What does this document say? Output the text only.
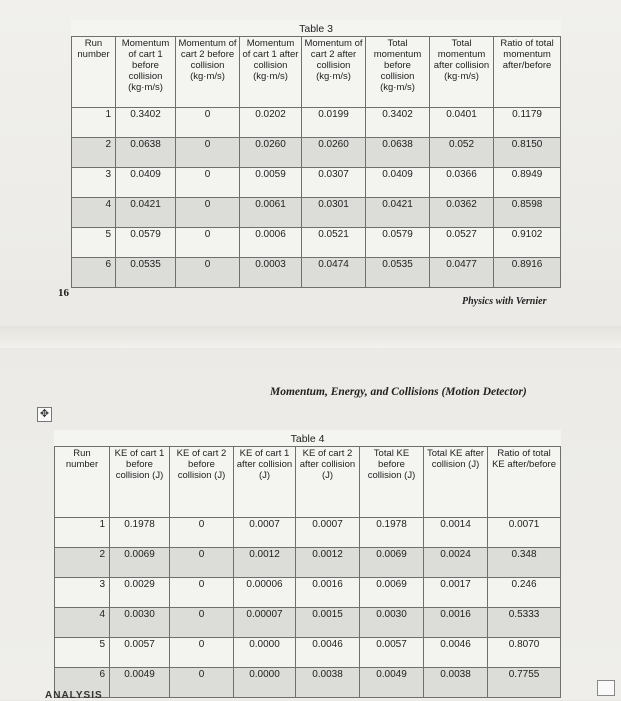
Table 3							
Run number	Momentum of cart 1 before collision (kg·m/s)	Momentum of cart 2 before collision (kg·m/s)	Momentum of cart 1 after collision (kg·m/s)	Momentum of cart 2 after collision (kg·m/s)	Total momentum before collision (kg·m/s)	Total momentum after collision (kg·m/s)	Ratio of total momentum after/before
1	0.3402	0	0.0202	0.0199	0.3402	0.0401	0.1179
2	0.0638	0	0.0260	0.0260	0.0638	0.052	0.8150
3	0.0409	0	0.0059	0.0307	0.0409	0.0366	0.8949
4	0.0421	0	0.0061	0.0301	0.0421	0.0362	0.8598
5	0.0579	0	0.0006	0.0521	0.0579	0.0527	0.9102
6	0.0535	0	0.0003	0.0474	0.0535	0.0477	0.8916
16
Physics with Vernier
Momentum, Energy, and Collisions (Motion Detector)
✥
Table 4							
Run number	KE of cart 1 before collision (J)	KE of cart 2 before collision (J)	KE of cart 1 after collision (J)	KE of cart 2 after collision (J)	Total KE before collision (J)	Total KE after collision (J)	Ratio of total KE after/before
1	0.1978	0	0.0007	0.0007	0.1978	0.0014	0.0071
2	0.0069	0	0.0012	0.0012	0.0069	0.0024	0.348
3	0.0029	0	0.00006	0.0016	0.0069	0.0017	0.246
4	0.0030	0	0.00007	0.0015	0.0030	0.0016	0.5333
5	0.0057	0	0.0000	0.0046	0.0057	0.0046	0.8070
6	0.0049	0	0.0000	0.0038	0.0049	0.0038	0.7755
ANALYSIS
